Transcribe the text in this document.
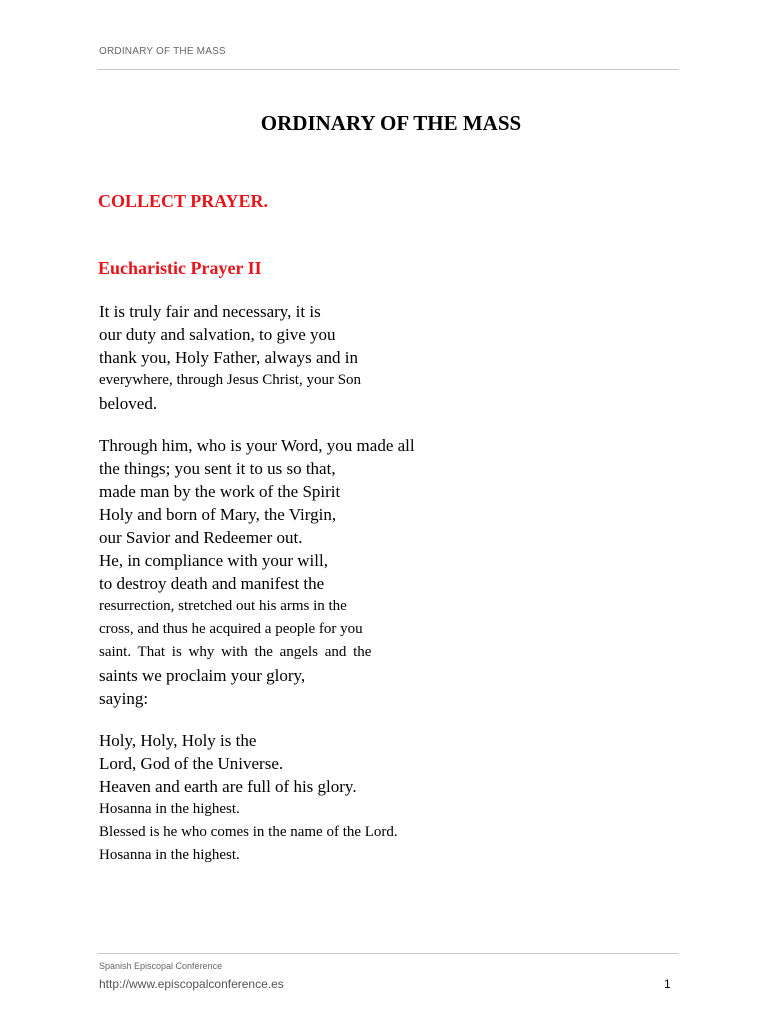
ORDINARY OF THE MASS
ORDINARY OF THE MASS
COLLECT PRAYER.
Eucharistic Prayer II

It is truly fair and necessary, it is
our duty and salvation, to give you
thank you, Holy Father, always and in
everywhere, through Jesus Christ, your Son
beloved.

Through him, who is your Word, you made all
the things; you sent it to us so that,
made man by the work of the Spirit
Holy and born of Mary, the Virgin,
our Savior and Redeemer out.
He, in compliance with your will,
to destroy death and manifest the
resurrection, stretched out his arms in the
cross, and thus he acquired a people for you
saint. That is why with the angels and the
saints we proclaim your glory,
saying:

Holy, Holy, Holy is the
Lord, God of the Universe.
Heaven and earth are full of his glory.
Hosanna in the highest.
Blessed is he who comes in the name of the Lord.
Hosanna in the highest.

Spanish Episcopal Conference
http://www.episcopalconference.es	1
